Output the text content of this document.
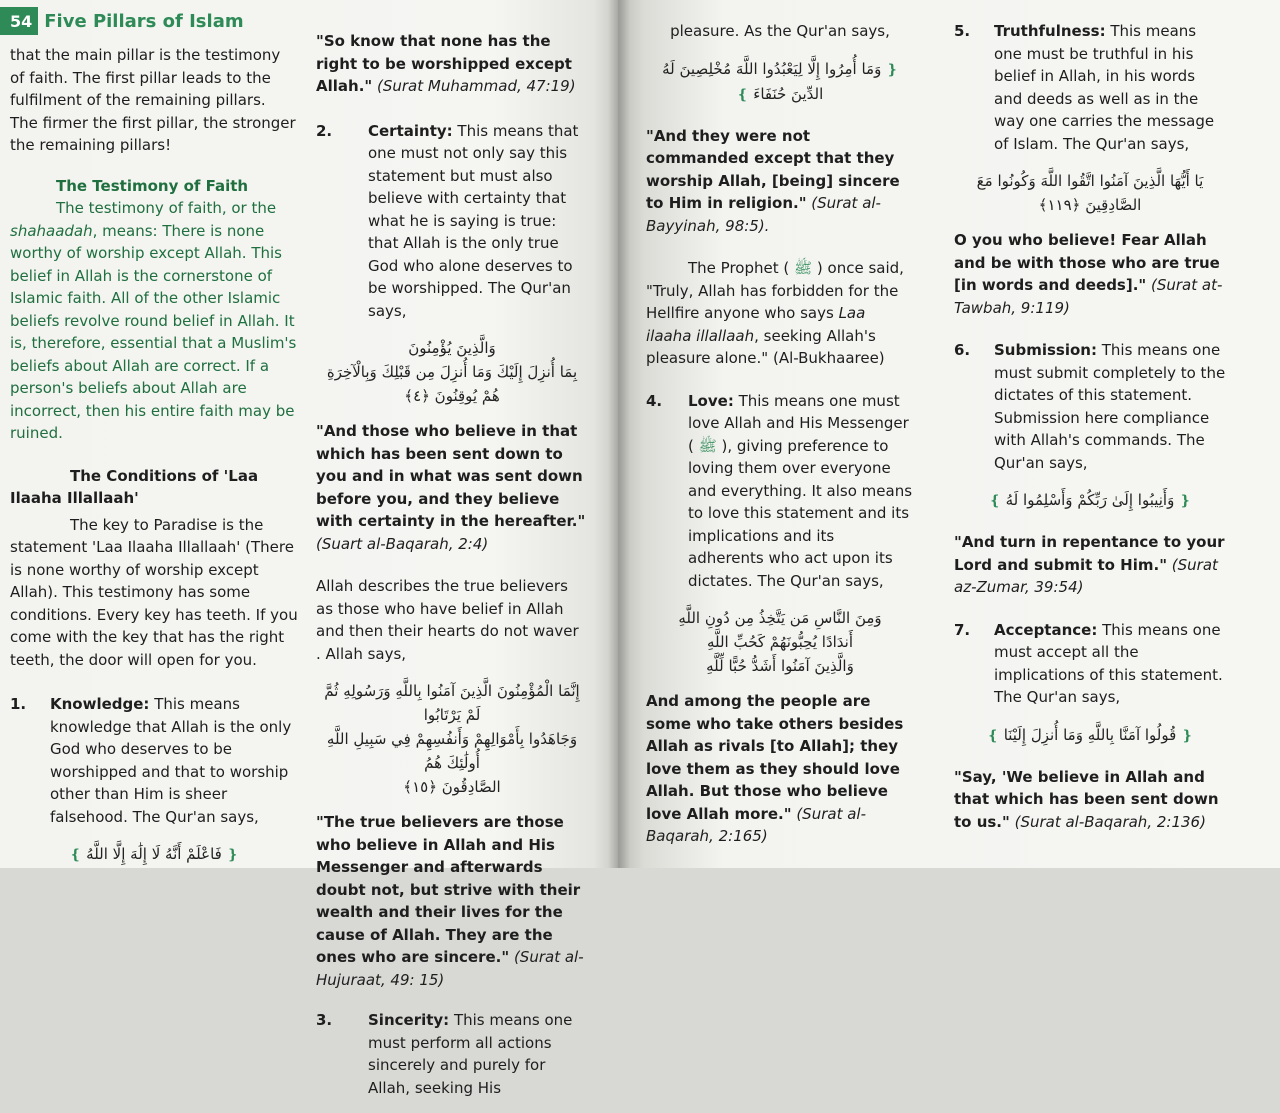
54 Five Pillars of Islam

that the main pillar is the testimony of faith. The first pillar leads to the fulfilment of the remaining pillars. The firmer the first pillar, the stronger the remaining pillars!

The Testimony of Faith

The testimony of faith, or the shahaadah, means: There is none worthy of worship except Allah. This belief in Allah is the cornerstone of Islamic faith. All of the other Islamic beliefs revolve round belief in Allah. It is, therefore, essential that a Muslim's beliefs about Allah are correct. If a person's beliefs about Allah are incorrect, then his entire faith may be ruined.

The Conditions of 'Laa Ilaaha Illallaah'

The key to Paradise is the statement 'Laa Ilaaha Illallaah' (There is none worthy of worship except Allah). This testimony has some conditions. Every key has teeth. If you come with the key that has the right teeth, the door will open for you.

1.	Knowledge: This means knowledge that Allah is the only God who deserves to be worshipped and that to worship other than Him is sheer falsehood. The Qur'an says,
❴ فَاعْلَمْ أَنَّهُ لَا إِلَٰهَ إِلَّا اللَّهُ ❵

"So know that none has the right to be worshipped except Allah." (Surat Muhammad, 47:19)

2.	Certainty: This means that one must not only say this statement but must also believe with certainty that what he is saying is true: that Allah is the only true God who alone deserves to be worshipped. The Qur'an says,
وَالَّذِينَ يُؤْمِنُونَ
بِمَا أُنزِلَ إِلَيْكَ وَمَا أُنزِلَ مِن قَبْلِكَ وَبِالْآخِرَةِ هُمْ يُوقِنُونَ ﴿٤﴾

"And those who believe in that which has been sent down to you and in what was sent down before you, and they believe with certainty in the hereafter." (Suart al-Baqarah, 2:4)

Allah describes the true believers as those who have belief in Allah and then their hearts do not waver . Allah says,

إِنَّمَا الْمُؤْمِنُونَ الَّذِينَ آمَنُوا بِاللَّهِ وَرَسُولِهِ ثُمَّ لَمْ يَرْتَابُوا
وَجَاهَدُوا بِأَمْوَالِهِمْ وَأَنفُسِهِمْ فِي سَبِيلِ اللَّهِ أُولَٰئِكَ هُمُ
الصَّادِقُونَ ﴿١٥﴾

"The true believers are those who believe in Allah and His Messenger and afterwards doubt not, but strive with their wealth and their lives for the cause of Allah. They are the ones who are sincere." (Surat al-Hujuraat, 49: 15)

3.	Sincerity: This means one must perform all actions sincerely and purely for Allah, seeking His

pleasure. As the Qur'an says,

❴ وَمَا أُمِرُوا إِلَّا لِيَعْبُدُوا اللَّهَ مُخْلِصِينَ لَهُ الدِّينَ حُنَفَاءَ ❵

"And they were not commanded except that they worship Allah, [being] sincere to Him in religion." (Surat al-Bayyinah, 98:5).

The Prophet ( ﷺ ) once said, "Truly, Allah has forbidden for the Hellfire anyone who says Laa ilaaha illallaah, seeking Allah's pleasure alone." (Al-Bukhaaree)

4.	Love: This means one must love Allah and His Messenger ( ﷺ ), giving preference to loving them over everyone and everything. It also means to love this statement and its implications and its adherents who act upon its dictates. The Qur'an says,
وَمِنَ النَّاسِ مَن يَتَّخِذُ مِن دُونِ اللَّهِ
أَندَادًا يُحِبُّونَهُمْ كَحُبِّ اللَّهِ
وَالَّذِينَ آمَنُوا أَشَدُّ حُبًّا لِّلَّهِ

And among the people are some who take others besides Allah as rivals [to Allah]; they love them as they should love Allah. But those who believe love Allah more." (Surat al-Baqarah, 2:165)

5.	Truthfulness: This means one must be truthful in his belief in Allah, in his words and deeds as well as in the way one carries the message of Islam. The Qur'an says,
يَا أَيُّهَا الَّذِينَ آمَنُوا اتَّقُوا اللَّهَ وَكُونُوا مَعَ
الصَّادِقِينَ ﴿١١٩﴾

O you who believe! Fear Allah and be with those who are true [in words and deeds]." (Surat at-Tawbah, 9:119)

6.	Submission: This means one must submit completely to the dictates of this statement. Submission here compliance with Allah's commands. The Qur'an says,
❴ وَأَنِيبُوا إِلَىٰ رَبِّكُمْ وَأَسْلِمُوا لَهُ ❵

"And turn in repentance to your Lord and submit to Him." (Surat az-Zumar, 39:54)

7.	Acceptance: This means one must accept all the implications of this statement. The Qur'an says,
❴ قُولُوا آمَنَّا بِاللَّهِ وَمَا أُنزِلَ إِلَيْنَا ❵

"Say, 'We believe in Allah and that which has been sent down to us." (Surat al-Baqarah, 2:136)
